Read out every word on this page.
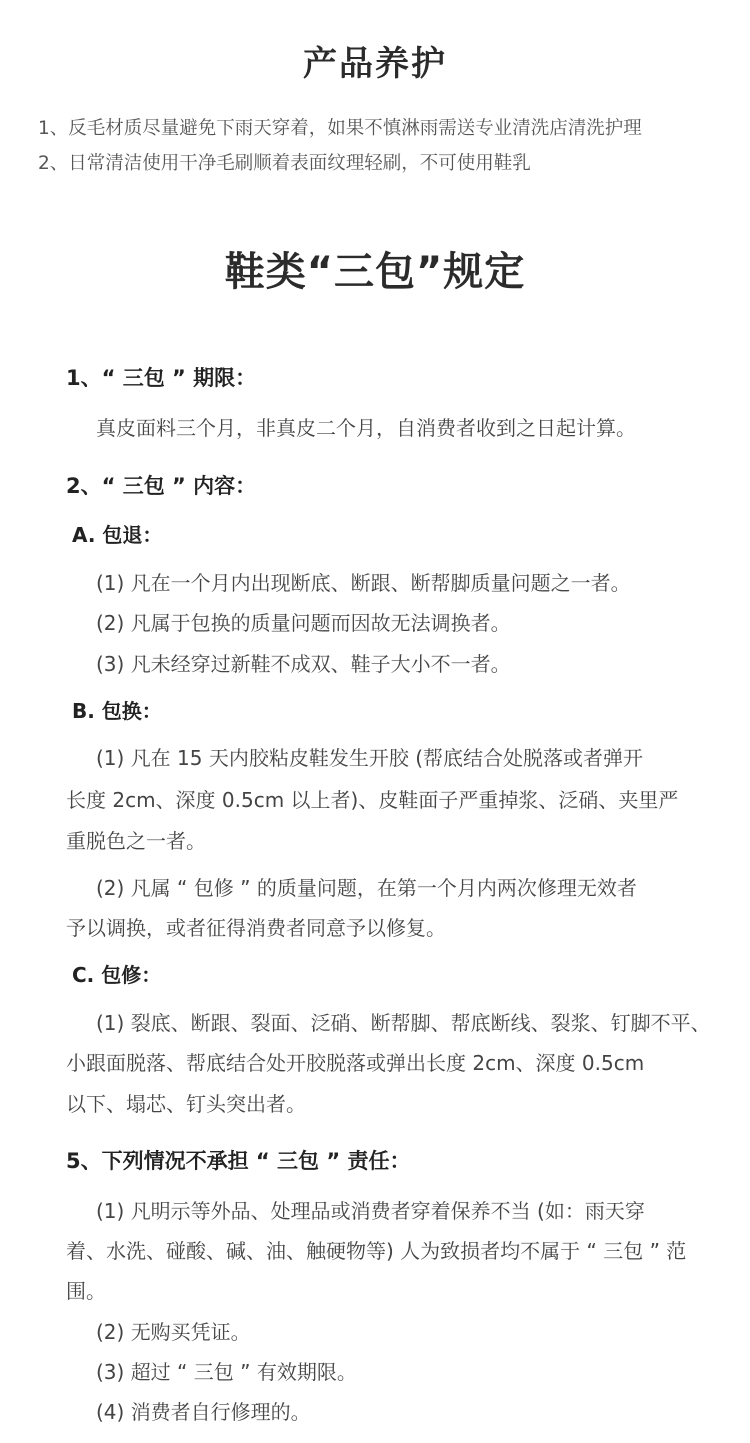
产品养护
1、反毛材质尽量避免下雨天穿着，如果不慎淋雨需送专业清洗店清洗护理
2、日常清洁使用干净毛刷顺着表面纹理轻刷，不可使用鞋乳
鞋类“三包”规定
1、“ 三包 ” 期限：
真皮面料三个月，非真皮二个月，自消费者收到之日起计算。
2、“ 三包 ” 内容：
A. 包退：
(1) 凡在一个月内出现断底、断跟、断帮脚质量问题之一者。
(2) 凡属于包换的质量问题而因故无法调换者。
(3) 凡未经穿过新鞋不成双、鞋子大小不一者。
B. 包换：
(1) 凡在 15 天内胶粘皮鞋发生开胶 (帮底结合处脱落或者弹开
长度 2cm、深度 0.5cm 以上者)、皮鞋面子严重掉浆、泛硝、夹里严
重脱色之一者。
(2) 凡属 “ 包修 ” 的质量问题，在第一个月内两次修理无效者
予以调换，或者征得消费者同意予以修复。
C. 包修：
(1) 裂底、断跟、裂面、泛硝、断帮脚、帮底断线、裂浆、钉脚不平、
小跟面脱落、帮底结合处开胶脱落或弹出长度 2cm、深度 0.5cm
以下、塌芯、钉头突出者。
5、下列情况不承担 “ 三包 ” 责任：
(1) 凡明示等外品、处理品或消费者穿着保养不当 (如：雨天穿
着、水洗、碰酸、碱、油、触硬物等) 人为致损者均不属于 “ 三包 ” 范
围。
(2) 无购买凭证。
(3) 超过 “ 三包 ” 有效期限。
(4) 消费者自行修理的。
